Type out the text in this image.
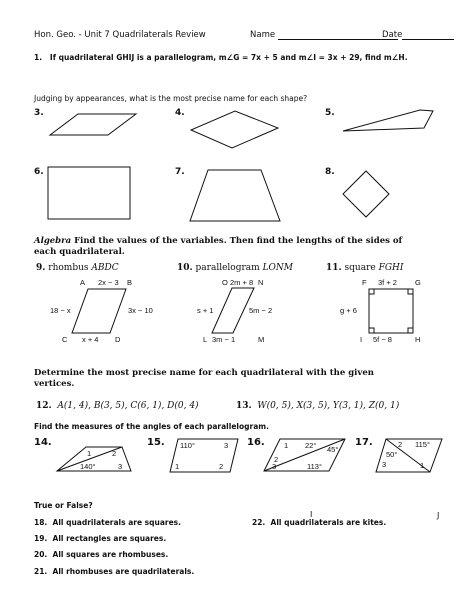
Hon. Geo. - Unit 7 Quadrilaterals Review	Name	Date
1. If quadrilateral GHIJ is a parallelogram, m∠G = 7x + 5 and m∠I = 3x + 29, find m∠H.
Judging by appearances, what is the most precise name for each shape?
3.	4.	5.
6.	7.	8.
Algebra Find the values of the variables. Then find the lengths of the sides of
each quadrilateral.
9. rhombus ABDC	10. parallelogram LONM	11. square FGHI
A	B
C	D
2x − 3
18 − x	3x − 10
x + 4
O	N
L	M
2m + 8
s + 1	5m − 2
3m − 1
F	G
I	H
3f + 2
g + 6
5f − 8
Determine the most precise name for each quadrilateral with the given
vertices.
12. A(1, 4), B(3, 5), C(6, 1), D(0, 4)	13. W(0, 5), X(3, 5), Y(3, 1), Z(0, 1)
Find the measures of the angles of each parallelogram.
14.	15.	16.	17.
1	2
140°	3
110°	3
1	2
1 22° 45°
2
3	113°
2 115°
50°
3	1
True or False?
18. All quadrilaterals are squares.
19. All rectangles are squares.
20. All squares are rhombuses.
21. All rhombuses are quadrilaterals.
22. All quadrilaterals are kites.
I	J
